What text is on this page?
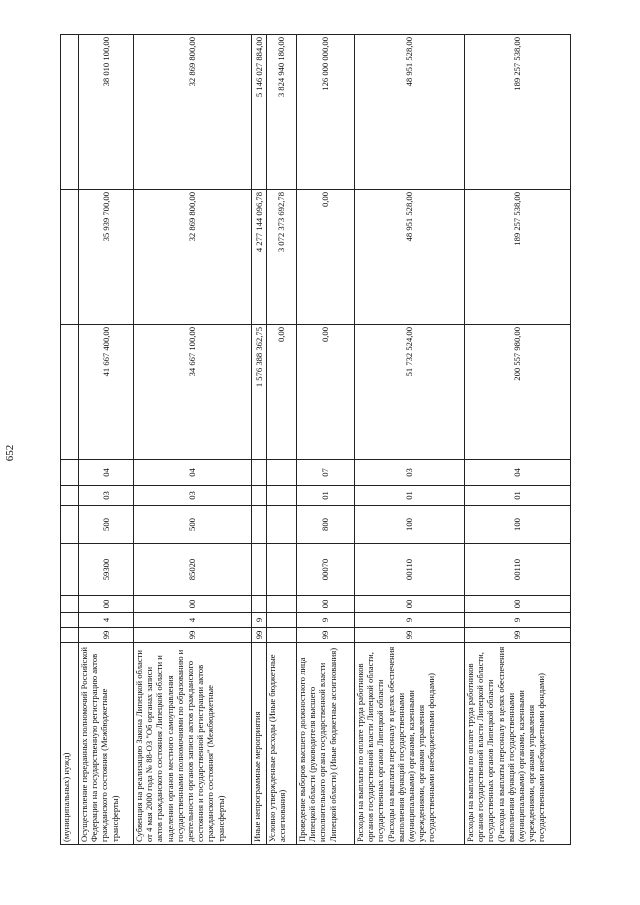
652
(муниципальных) нужд)										
Осуществление переданных полномочий Российской Федерации на государственную регистрацию актов гражданского состояния (Межбюджетные трансферты)	99	4	00	59300	500	03	04	41 667 400,00	35 939 700,00	38 010 100,00
Субвенция на реализацию Закона Липецкой области от 4 мая 2000 года № 88-ОЗ "Об органах записи актов гражданского состояния Липецкой области и наделении органов местного самоуправления государственными полномочиями по образованию и деятельности органов записи актов гражданского состояния и государственной регистрации актов гражданского состояния" (Межбюджетные трансферты)	99	4	00	85020	500	03	04	34 667 100,00	32 869 800,00	32 869 800,00
Иные непрограммные мероприятия	99	9						1 576 388 362,75	4 277 144 096,78	5 146 027 884,00
Условно утвержденные расходы (Иные бюджетные ассигнования)								0,00	3 072 373 692,78	3 824 940 180,00
Проведение выборов высшего должностного лица Липецкой области (руководителя высшего исполнительного органа государственной власти Липецкой области) (Иные бюджетные ассигнования)	99	9	00	00070	800	01	07	0,00	0,00	126 000 000,00
Расходы на выплаты по оплате труда работников органов государственной власти Липецкой области, государственных органов Липецкой области (Расходы на выплаты персоналу в целях обеспечения выполнения функций государственными (муниципальными) органами, казенными учреждениями, органами управления государственными внебюджетными фондами)	99	9	00	00110	100	01	03	51 732 524,00	48 951 528,00	48 951 528,00
Расходы на выплаты по оплате труда работников органов государственной власти Липецкой области, государственных органов Липецкой области (Расходы на выплаты персоналу в целях обеспечения выполнения функций государственными (муниципальными) органами, казенными учреждениями, органами управления государственными внебюджетными фондами)	99	9	00	00110	100	01	04	200 557 980,00	189 257 538,00	189 257 538,00
